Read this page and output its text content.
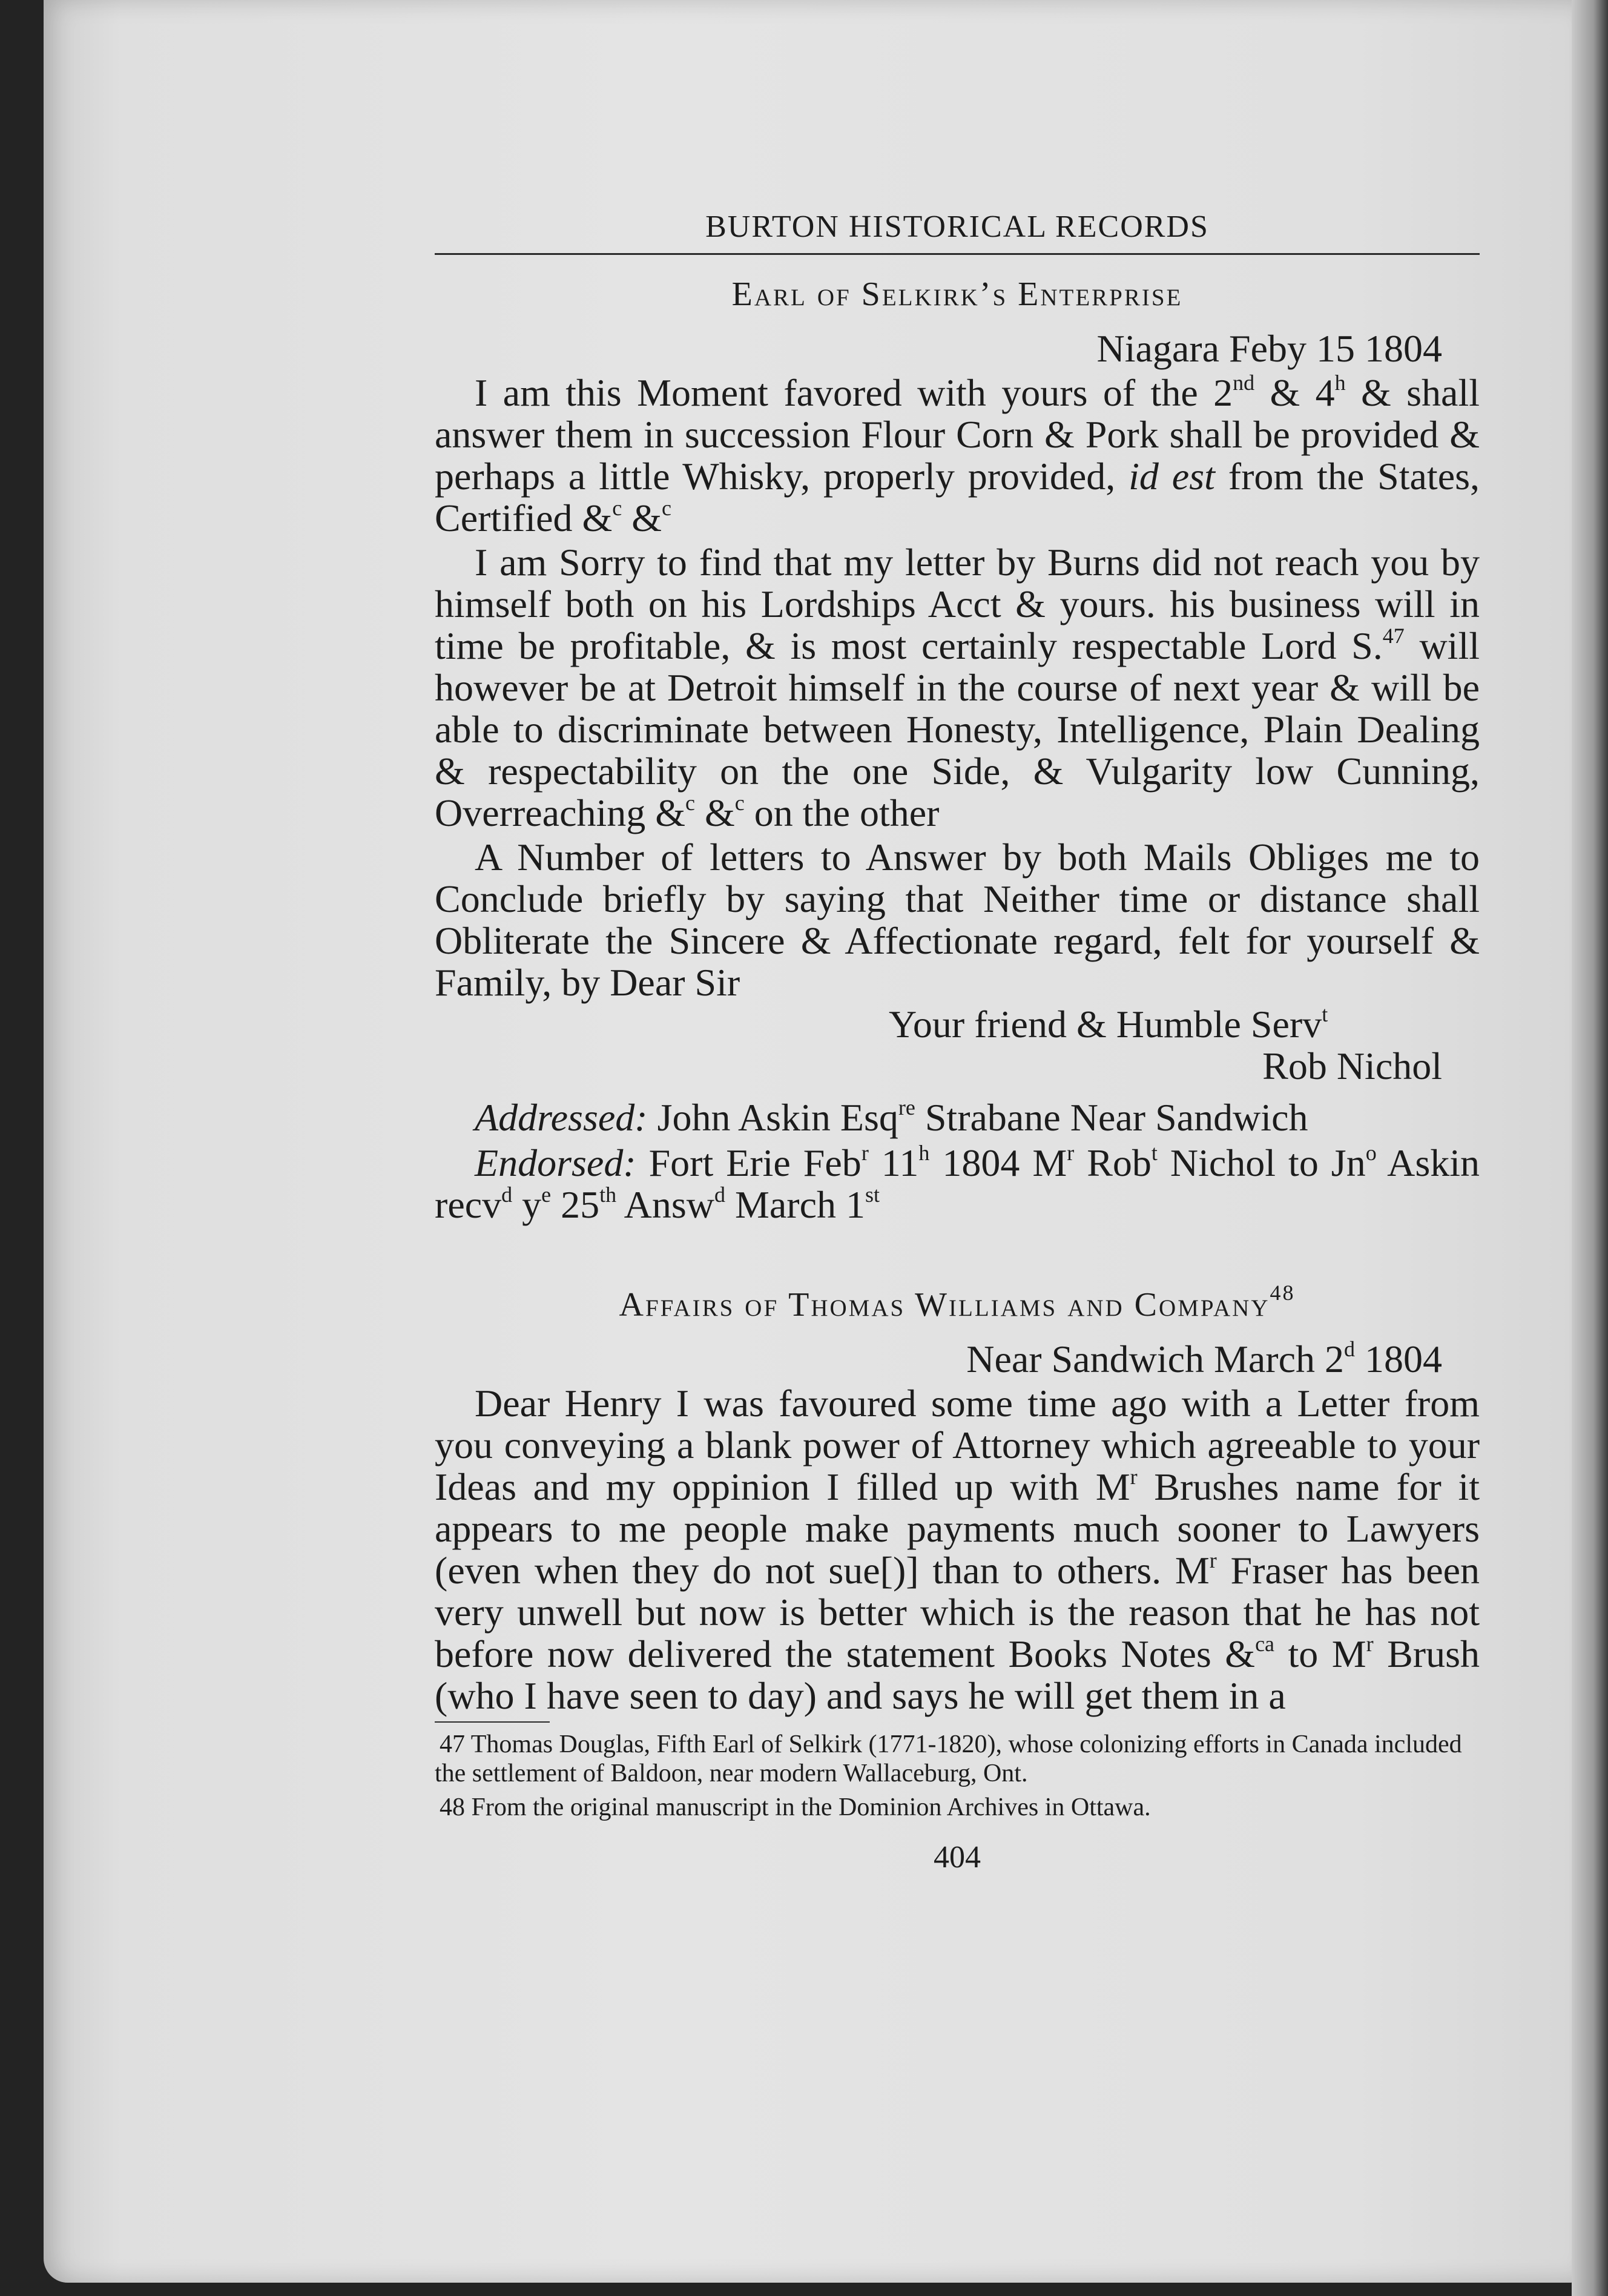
BURTON HISTORICAL RECORDS
Earl of Selkirk’s Enterprise
Niagara Feby 15 1804

I am this Moment favored with yours of the 2nd & 4$^h$ & shall answer them in succession Flour Corn & Pork shall be provided & perhaps a little Whisky, properly provided, id est from the States, Certified &$^c$ &$^c$

I am Sorry to find that my letter by Burns did not reach you by himself both on his Lordships Acct & yours. his business will in time be profitable, & is most certainly respectable Lord S.$^{47}$ will however be at Detroit himself in the course of next year & will be able to discriminate between Honesty, Intelligence, Plain Dealing & respectability on the one Side, & Vulgarity low Cunning, Overreaching &$^c$ &$^c$ on the other

A Number of letters to Answer by both Mails Obliges me to Conclude briefly by saying that Neither time or distance shall Obliterate the Sincere & Affectionate regard, felt for yourself & Family, by Dear Sir

Your friend & Humble Serv$^t$

Rob Nichol

Addressed: John Askin Esq$^{re}$ Strabane Near Sandwich

Endorsed: Fort Erie Feb$^r$ 11$^h$ 1804 $M^r$ Rob$^t$ Nichol to Jn$^o$ Askin recv$^d$ $y^e$ 25th Answ$^d$ March 1st

Affairs of Thomas Williams and Company$^{48}$
Near Sandwich March 2$^d$ 1804

Dear Henry I was favoured some time ago with a Letter from you conveying a blank power of Attorney which agreeable to your Ideas and my oppinion I filled up with $M^r$ Brushes name for it appears to me people make payments much sooner to Lawyers (even when they do not sue[)] than to others. $M^r$ Fraser has been very unwell but now is better which is the reason that he has not before now delivered the statement Books Notes &$^{ca}$ to $M^r$ Brush (who I have seen to day) and says he will get them in a

47 Thomas Douglas, Fifth Earl of Selkirk (1771-1820), whose colonizing efforts in Canada included the settlement of Baldoon, near modern Wallaceburg, Ont.

48 From the original manuscript in the Dominion Archives in Ottawa.

404
